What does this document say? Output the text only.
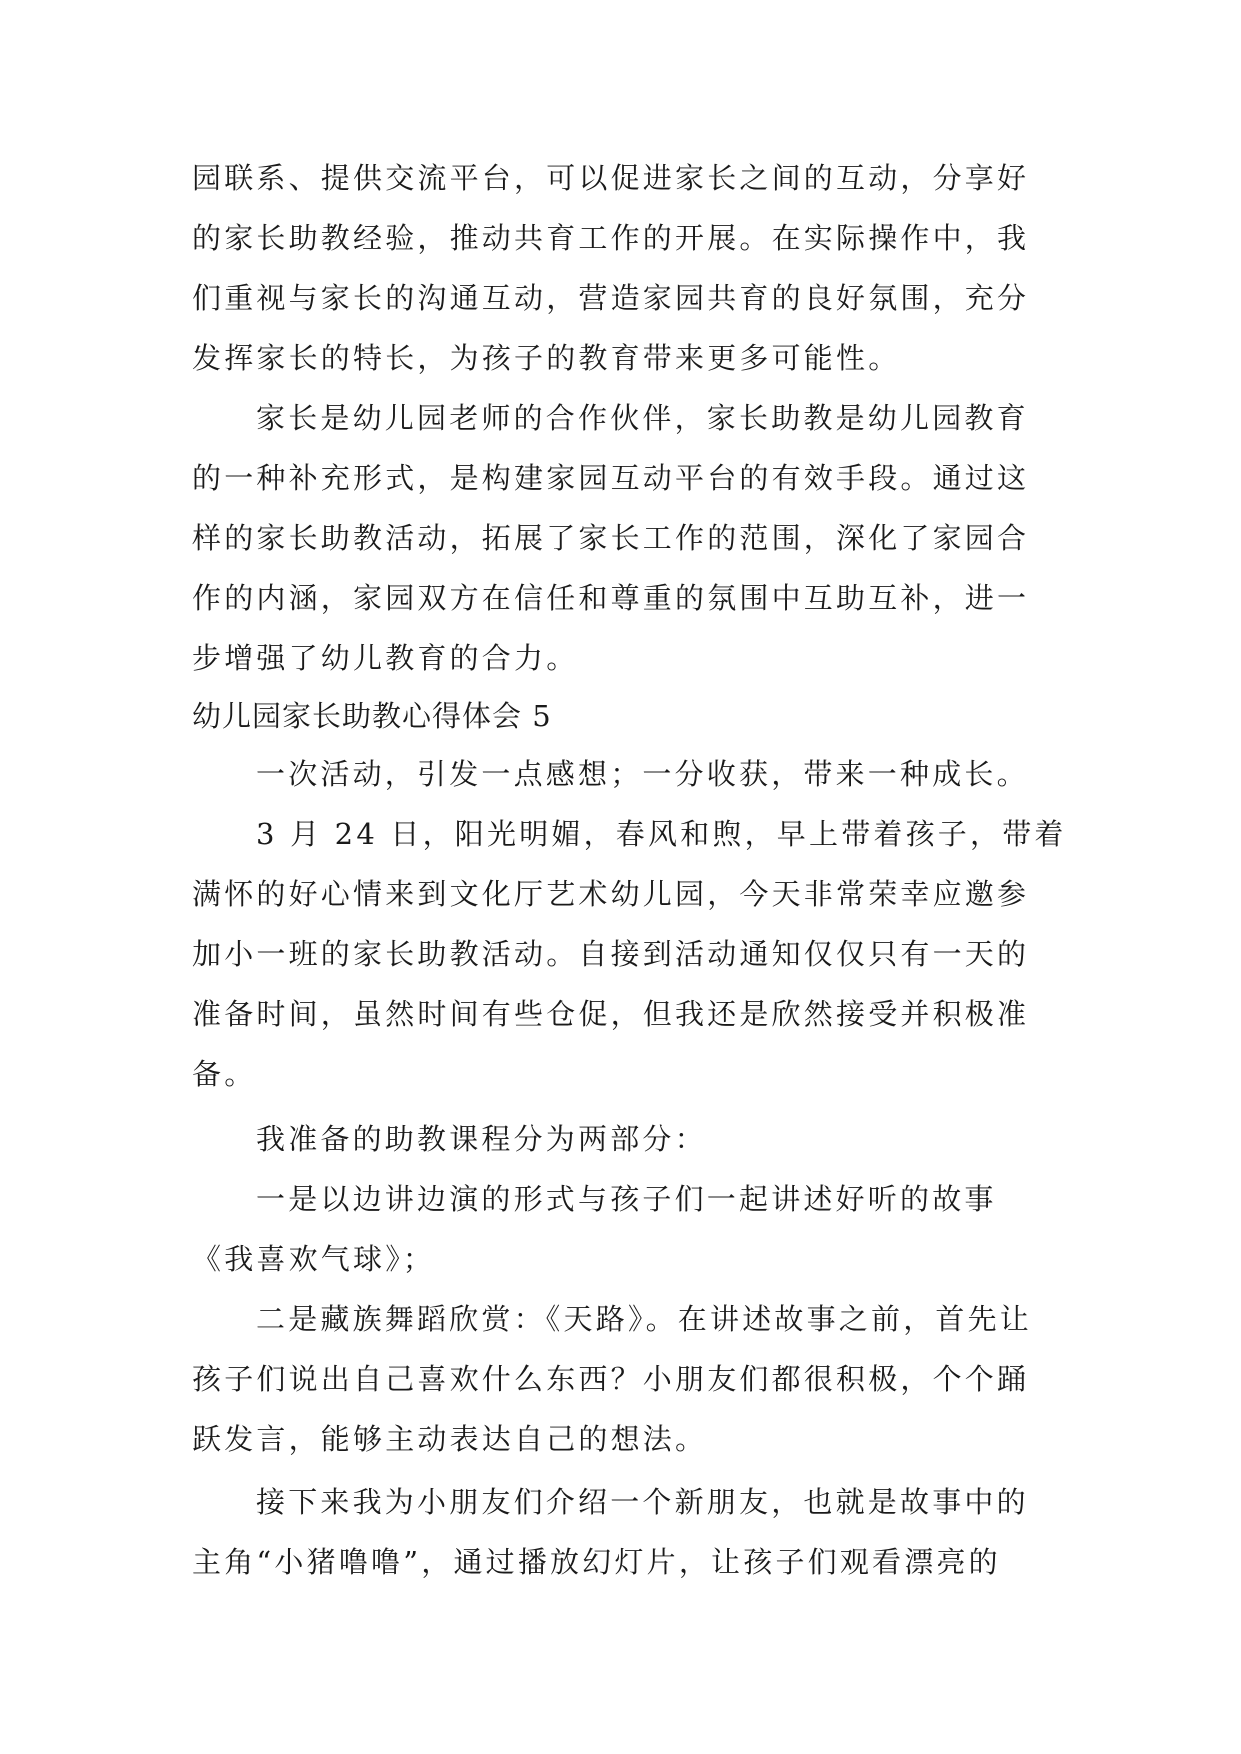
园联系、提供交流平台，可以促进家长之间的互动，分享好
的家长助教经验，推动共育工作的开展。在实际操作中，我
们重视与家长的沟通互动，营造家园共育的良好氛围，充分
发挥家长的特长，为孩子的教育带来更多可能性。
家长是幼儿园老师的合作伙伴，家长助教是幼儿园教育
的一种补充形式，是构建家园互动平台的有效手段。通过这
样的家长助教活动，拓展了家长工作的范围，深化了家园合
作的内涵，家园双方在信任和尊重的氛围中互助互补，进一
步增强了幼儿教育的合力。
幼儿园家长助教心得体会 5
一次活动，引发一点感想；一分收获，带来一种成长。
3 月 24 日，阳光明媚，春风和煦，早上带着孩子，带着
满怀的好心情来到文化厅艺术幼儿园，今天非常荣幸应邀参
加小一班的家长助教活动。自接到活动通知仅仅只有一天的
准备时间，虽然时间有些仓促，但我还是欣然接受并积极准
备。
我准备的助教课程分为两部分：
一是以边讲边演的形式与孩子们一起讲述好听的故事
《我喜欢气球》；
二是藏族舞蹈欣赏：《天路》。在讲述故事之前，首先让
孩子们说出自己喜欢什么东西？小朋友们都很积极，个个踊
跃发言，能够主动表达自己的想法。
接下来我为小朋友们介绍一个新朋友，也就是故事中的
主角“小猪噜噜”，通过播放幻灯片，让孩子们观看漂亮的
